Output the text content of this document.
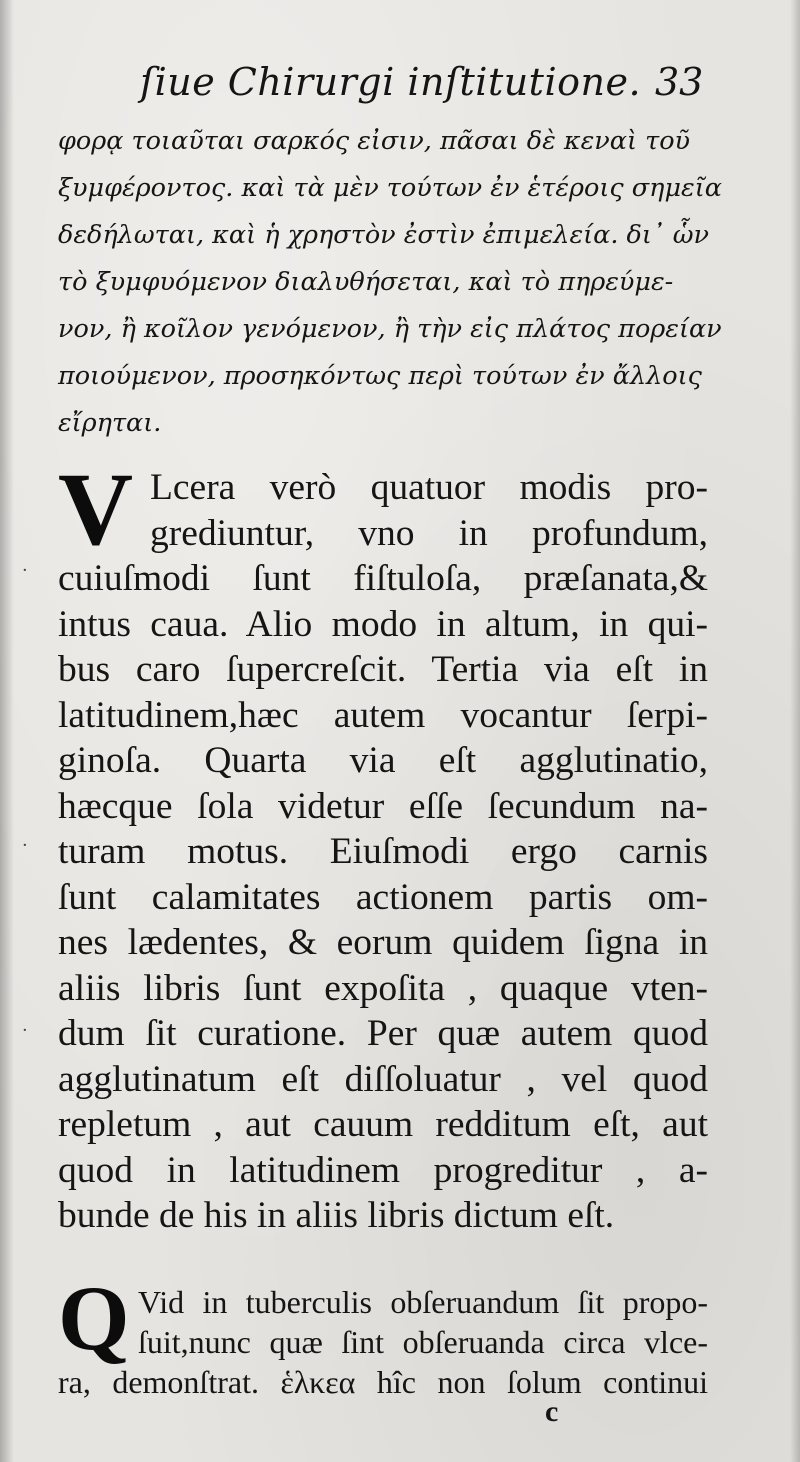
ſiue Chirurgi inſtitutione. 33
φορᾳ τοιαῦται σαρκός εἰσιν, πᾶσαι δὲ κεναὶ τοῦ
ξυμφέροντος. καὶ τὰ μὲν τούτων ἐν ἑτέροις σημεῖα
δεδήλωται, καὶ ἡ χρηστὸν ἐστὶν ἐπιμελεία. δι᾽ ὧν
τὸ ξυμφυόμενον διαλυθήσεται, καὶ τὸ πηρεύμε-
νον, ἢ κοῖλον γενόμενον, ἢ τὴν εἰς πλάτος πορείαν
ποιούμενον, προσηκόντως περὶ τούτων ἐν ἄλλοις
εἴρηται.
V Lcera verò quatuor modis pro-
grediuntur, vno in profundum,
cuiuſmodi ſunt fiſtuloſa, præſanata,&
intus caua. Alio modo in altum, in qui-
bus caro ſupercreſcit. Tertia via eſt in
latitudinem,hæc autem vocantur ſerpi-
ginoſa. Quarta via eſt agglutinatio,
hæcque ſola videtur eſſe ſecundum na-
turam motus. Eiuſmodi ergo carnis
ſunt calamitates actionem partis om-
nes lædentes, & eorum quidem ſigna in
aliis libris ſunt expoſita , quaque vten-
dum ſit curatione. Per quæ autem quod
agglutinatum eſt diſſoluatur , vel quod
repletum , aut cauum redditum eſt, aut
quod in latitudinem progreditur , a-
bunde de his in aliis libris dictum eſt.
Q Vid in tuberculis obſeruandum ſit propo-
ſuit,nunc quæ ſint obſeruanda circa vlce-
ra, demonſtrat. ἑλκεα hîc non ſolum continui
c
·
·
·
